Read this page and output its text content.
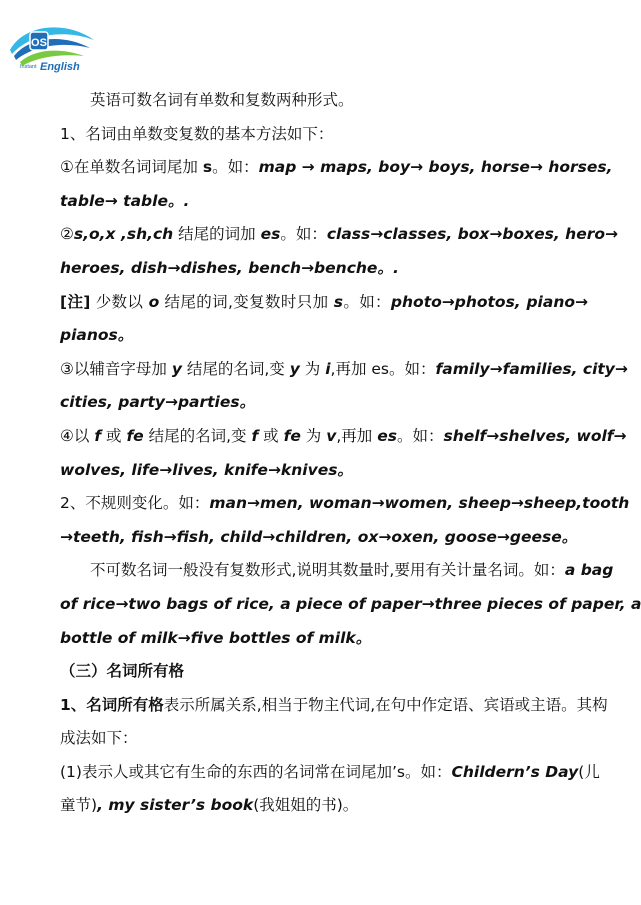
OS
Instant English
英语可数名词有单数和复数两种形式。
1、名词由单数变复数的基本方法如下：
①在单数名词词尾加 s。如：map → maps, boy→ boys, horse→ horses,
table→ table。.
②s,o,x ,sh,ch 结尾的词加 es。如：class→classes, box→boxes, hero→
heroes, dish→dishes, bench→benche。.
[注] 少数以 o 结尾的词,变复数时只加 s。如：photo→photos, piano→
pianos。
③以辅音字母加 y 结尾的名词,变 y 为 i,再加 es。如：family→families, city→
cities, party→parties。
④以 f 或 fe 结尾的名词,变 f 或 fe 为 v,再加 es。如：shelf→shelves, wolf→
wolves, life→lives, knife→knives。
2、不规则变化。如：man→men, woman→women, sheep→sheep,tooth
→teeth, fish→fish, child→children, ox→oxen, goose→geese。
不可数名词一般没有复数形式,说明其数量时,要用有关计量名词。如：a bag
of rice→two bags of rice, a piece of paper→three pieces of paper, a
bottle of milk→five bottles of milk。
（三）名词所有格
1、名词所有格表示所属关系,相当于物主代词,在句中作定语、宾语或主语。其构
成法如下：
(1)表示人或其它有生命的东西的名词常在词尾加’s。如：Childern’s Day(儿
童节), my sister’s book(我姐姐的书)。
